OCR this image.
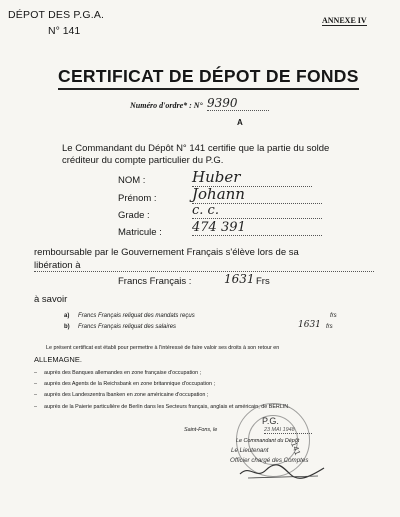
DÉPOT DES P.G.A.
N° 141
ANNEXE IV
CERTIFICAT DE DÉPOT DE FONDS
Numéro d'ordre* : N° 9390
A
Le Commandant du Dépôt N° 141 certifie que la partie du solde
créditeur du compte particulier du P.G.
NOM :	Huber
Prénom : Johann
Grade :	c. c.
Matricule : 474 391
remboursable par le Gouvernement Français s'élève lors de sa
libération à
Francs Français :	1631 Frs
à savoir
a) Francs Français reliquat des mandats reçus	frs
b) Francs Français reliquat des salaires	1631 frs
Le présent certificat est établi pour permettre à l'intéressé de faire valoir ses droits à son retour en
ALLEMAGNE.
– auprès des Banques allemandes en zone française d'occupation ;
– auprès des Agents de la Reichsbank en zone britannique d'occupation ;
– auprès des Landeszentra lbanken en zone américaine d'occupation ;
– auprès de la Paierie particulière de Berlin dans les Secteurs français, anglais et américain, de BERLIN.
Saint-Fons, le	23 MAI 1948
Le Commandant du Dépôt
Le Lieutenant
Officier chargé des Comptes
P.G.
141
